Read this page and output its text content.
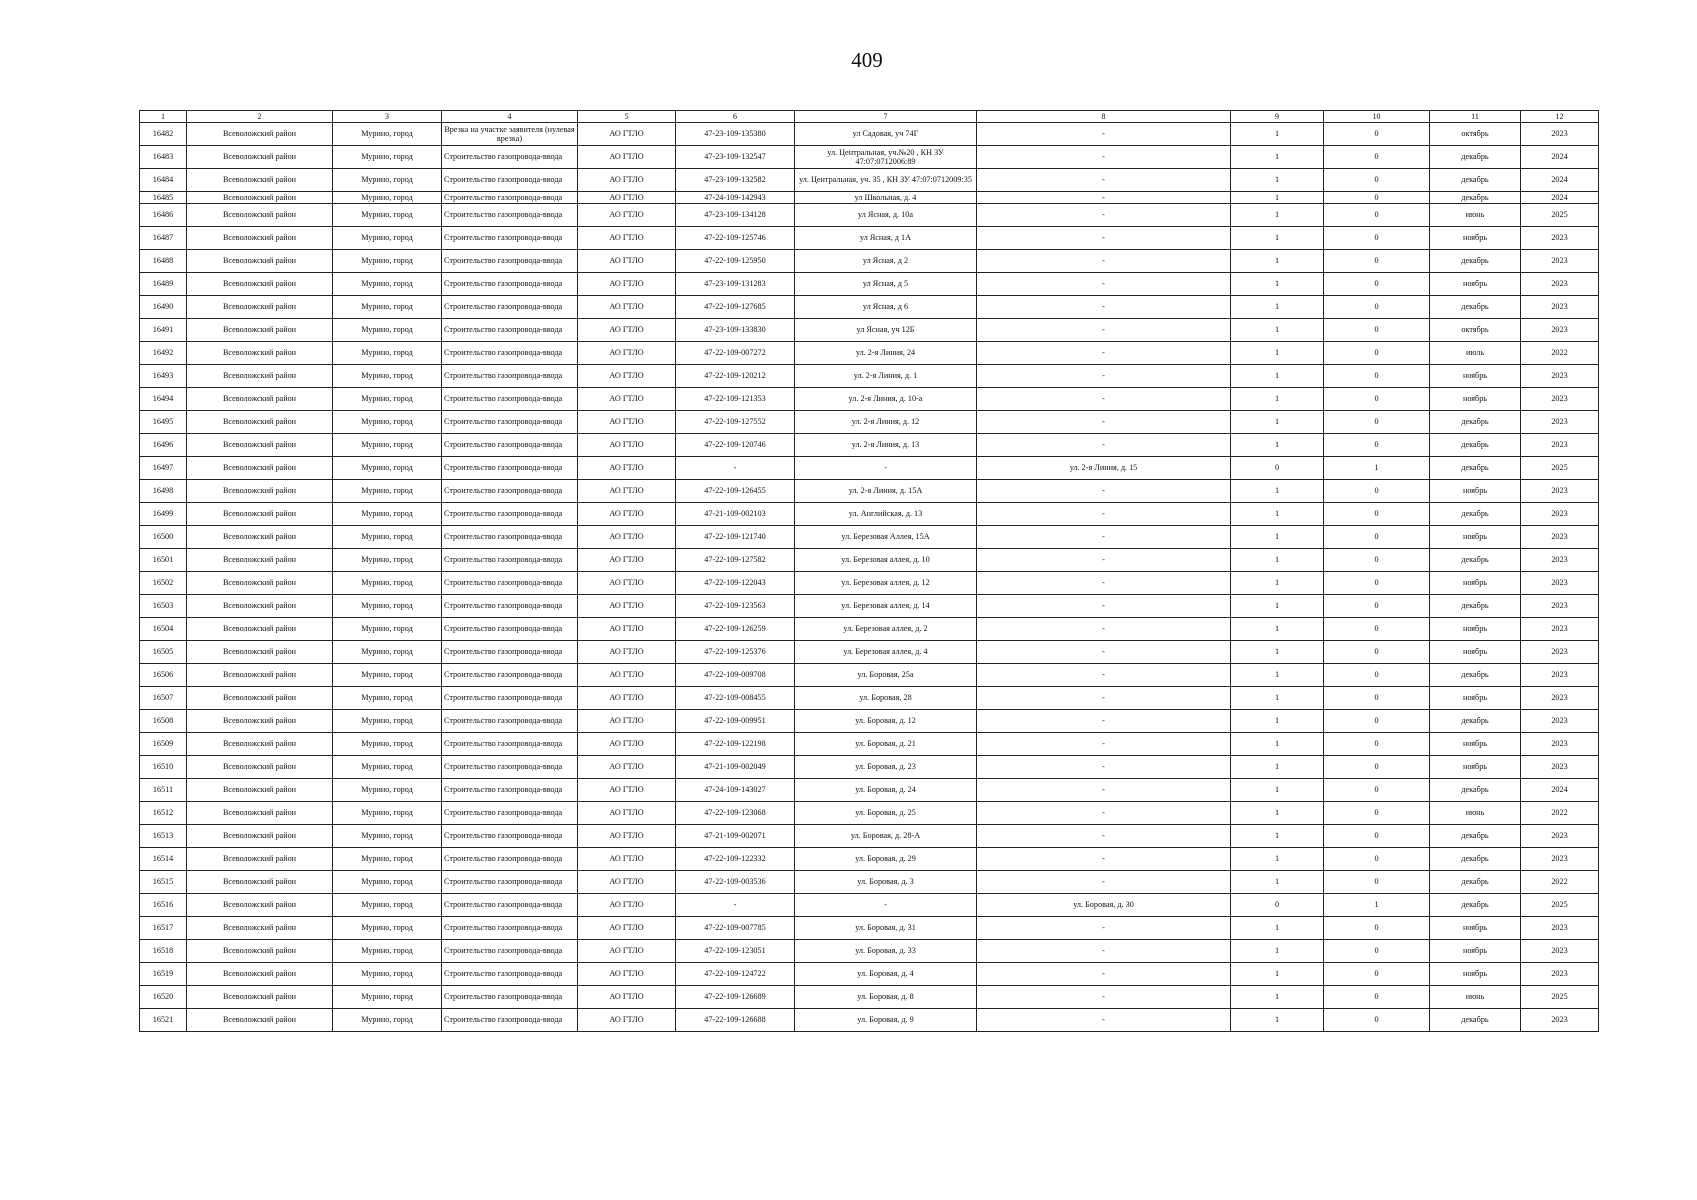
409
1	2	3	4	5	6	7	8	9	10	11	12
16482	Всеволожский район	Мурино, город	Врезка на участке заявителя (нулевая врезка)	АО ГТЛО	47-23-109-135380	ул Садовая, уч 74Г	-	1	0	октябрь	2023
16483	Всеволожский район	Мурино, город	Строительство газопровода-ввода	АО ГТЛО	47-23-109-132547	ул. Центральная, уч.№20 , КН ЗУ 47:07:0712006:89	-	1	0	декабрь	2024
16484	Всеволожский район	Мурино, город	Строительство газопровода-ввода	АО ГТЛО	47-23-109-132582	ул. Центральная, уч. 35 , КН ЗУ 47:07:0712009:35	-	1	0	декабрь	2024
16485	Всеволожский район	Мурино, город	Строительство газопровода-ввода	АО ГТЛО	47-24-109-142943	ул Школьная, д. 4	-	1	0	декабрь	2024
16486	Всеволожский район	Мурино, город	Строительство газопровода-ввода	АО ГТЛО	47-23-109-134128	ул Ясная, д. 10а	-	1	0	июнь	2025
16487	Всеволожский район	Мурино, город	Строительство газопровода-ввода	АО ГТЛО	47-22-109-125746	ул Ясная, д 1А	-	1	0	ноябрь	2023
16488	Всеволожский район	Мурино, город	Строительство газопровода-ввода	АО ГТЛО	47-22-109-125950	ул Ясная, д 2	-	1	0	декабрь	2023
16489	Всеволожский район	Мурино, город	Строительство газопровода-ввода	АО ГТЛО	47-23-109-131283	ул Ясная, д 5	-	1	0	ноябрь	2023
16490	Всеволожский район	Мурино, город	Строительство газопровода-ввода	АО ГТЛО	47-22-109-127685	ул Ясная, д 6	-	1	0	декабрь	2023
16491	Всеволожский район	Мурино, город	Строительство газопровода-ввода	АО ГТЛО	47-23-109-133830	ул Ясная, уч 12Б	-	1	0	октябрь	2023
16492	Всеволожский район	Мурино, город	Строительство газопровода-ввода	АО ГТЛО	47-22-109-007272	ул. 2-я Линия, 24	-	1	0	июль	2022
16493	Всеволожский район	Мурино, город	Строительство газопровода-ввода	АО ГТЛО	47-22-109-120212	ул. 2-я Линия, д. 1	-	1	0	ноябрь	2023
16494	Всеволожский район	Мурино, город	Строительство газопровода-ввода	АО ГТЛО	47-22-109-121353	ул. 2-я Линия, д. 10-а	-	1	0	ноябрь	2023
16495	Всеволожский район	Мурино, город	Строительство газопровода-ввода	АО ГТЛО	47-22-109-127552	ул. 2-я Линия, д. 12	-	1	0	декабрь	2023
16496	Всеволожский район	Мурино, город	Строительство газопровода-ввода	АО ГТЛО	47-22-109-120746	ул. 2-я Линия, д. 13	-	1	0	декабрь	2023
16497	Всеволожский район	Мурино, город	Строительство газопровода-ввода	АО ГТЛО	-	-	ул. 2-я Линия, д. 15	0	1	декабрь	2025
16498	Всеволожский район	Мурино, город	Строительство газопровода-ввода	АО ГТЛО	47-22-109-126455	ул. 2-я Линия, д. 15А	-	1	0	ноябрь	2023
16499	Всеволожский район	Мурино, город	Строительство газопровода-ввода	АО ГТЛО	47-21-109-002103	ул. Английская, д. 13	-	1	0	декабрь	2023
16500	Всеволожский район	Мурино, город	Строительство газопровода-ввода	АО ГТЛО	47-22-109-121740	ул. Березовая Аллея, 15А	-	1	0	ноябрь	2023
16501	Всеволожский район	Мурино, город	Строительство газопровода-ввода	АО ГТЛО	47-22-109-127582	ул. Березовая аллея, д. 10	-	1	0	декабрь	2023
16502	Всеволожский район	Мурино, город	Строительство газопровода-ввода	АО ГТЛО	47-22-109-122043	ул. Березовая аллея, д. 12	-	1	0	ноябрь	2023
16503	Всеволожский район	Мурино, город	Строительство газопровода-ввода	АО ГТЛО	47-22-109-123563	ул. Березовая аллея, д. 14	-	1	0	декабрь	2023
16504	Всеволожский район	Мурино, город	Строительство газопровода-ввода	АО ГТЛО	47-22-109-126259	ул. Березовая аллея, д. 2	-	1	0	ноябрь	2023
16505	Всеволожский район	Мурино, город	Строительство газопровода-ввода	АО ГТЛО	47-22-109-125376	ул. Березовая аллея, д. 4	-	1	0	ноябрь	2023
16506	Всеволожский район	Мурино, город	Строительство газопровода-ввода	АО ГТЛО	47-22-109-009708	ул. Боровая, 25а	-	1	0	декабрь	2023
16507	Всеволожский район	Мурино, город	Строительство газопровода-ввода	АО ГТЛО	47-22-109-008455	ул. Боровая, 28	-	1	0	ноябрь	2023
16508	Всеволожский район	Мурино, город	Строительство газопровода-ввода	АО ГТЛО	47-22-109-009951	ул. Боровая, д. 12	-	1	0	декабрь	2023
16509	Всеволожский район	Мурино, город	Строительство газопровода-ввода	АО ГТЛО	47-22-109-122198	ул. Боровая, д. 21	-	1	0	ноябрь	2023
16510	Всеволожский район	Мурино, город	Строительство газопровода-ввода	АО ГТЛО	47-21-109-002049	ул. Боровая, д. 23	-	1	0	ноябрь	2023
16511	Всеволожский район	Мурино, город	Строительство газопровода-ввода	АО ГТЛО	47-24-109-143027	ул. Боровая, д. 24	-	1	0	декабрь	2024
16512	Всеволожский район	Мурино, город	Строительство газопровода-ввода	АО ГТЛО	47-22-109-123068	ул. Боровая, д. 25	-	1	0	июнь	2022
16513	Всеволожский район	Мурино, город	Строительство газопровода-ввода	АО ГТЛО	47-21-109-002071	ул. Боровая, д. 28-А	-	1	0	декабрь	2023
16514	Всеволожский район	Мурино, город	Строительство газопровода-ввода	АО ГТЛО	47-22-109-122332	ул. Боровая, д. 29	-	1	0	декабрь	2023
16515	Всеволожский район	Мурино, город	Строительство газопровода-ввода	АО ГТЛО	47-22-109-003536	ул. Боровая, д. 3	-	1	0	декабрь	2022
16516	Всеволожский район	Мурино, город	Строительство газопровода-ввода	АО ГТЛО	-	-	ул. Боровая, д. 30	0	1	декабрь	2025
16517	Всеволожский район	Мурино, город	Строительство газопровода-ввода	АО ГТЛО	47-22-109-007785	ул. Боровая, д. 31	-	1	0	ноябрь	2023
16518	Всеволожский район	Мурино, город	Строительство газопровода-ввода	АО ГТЛО	47-22-109-123051	ул. Боровая, д. 33	-	1	0	ноябрь	2023
16519	Всеволожский район	Мурино, город	Строительство газопровода-ввода	АО ГТЛО	47-22-109-124722	ул. Боровая, д. 4	-	1	0	ноябрь	2023
16520	Всеволожский район	Мурино, город	Строительство газопровода-ввода	АО ГТЛО	47-22-109-126689	ул. Боровая, д. 8	-	1	0	июнь	2025
16521	Всеволожский район	Мурино, город	Строительство газопровода-ввода	АО ГТЛО	47-22-109-126688	ул. Боровая, д. 9	-	1	0	декабрь	2023
